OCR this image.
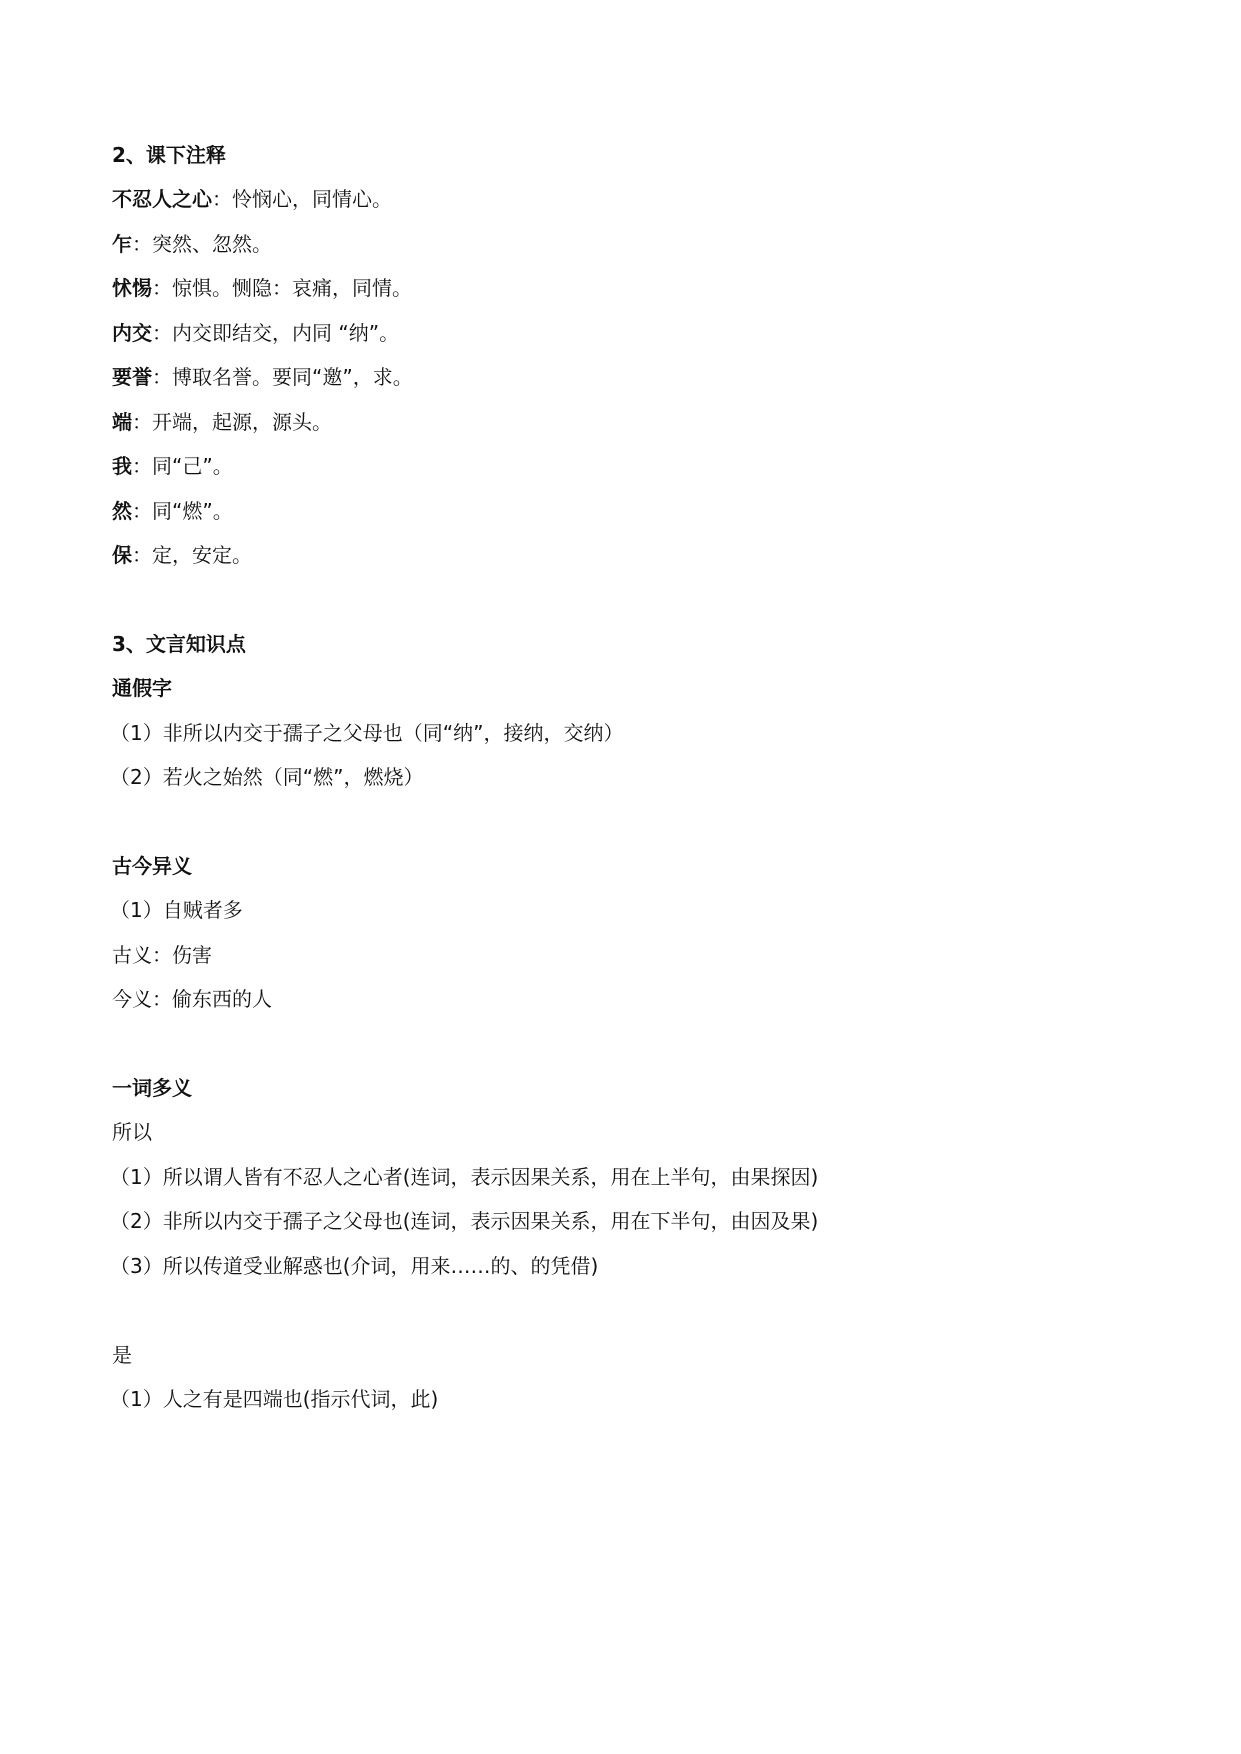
2、课下注释
不忍人之心：怜悯心，同情心。
乍：突然、忽然。
怵惕：惊惧。恻隐：哀痛，同情。
内交：内交即结交，内同 “纳”。
要誉：博取名誉。要同“邀”，求。
端：开端，起源，源头。
我：同“己”。
然：同“燃”。
保：定，安定。
3、文言知识点
通假字
（1）非所以内交于孺子之父母也（同“纳”，接纳，交纳）
（2）若火之始然（同“燃”，燃烧）
古今异义
（1）自贼者多
古义：伤害
今义：偷东西的人
一词多义
所以
（1）所以谓人皆有不忍人之心者(连词，表示因果关系，用在上半句，由果探因)
（2）非所以内交于孺子之父母也(连词，表示因果关系，用在下半句，由因及果)
（3）所以传道受业解惑也(介词，用来……的、的凭借)
是
（1）人之有是四端也(指示代词，此)
